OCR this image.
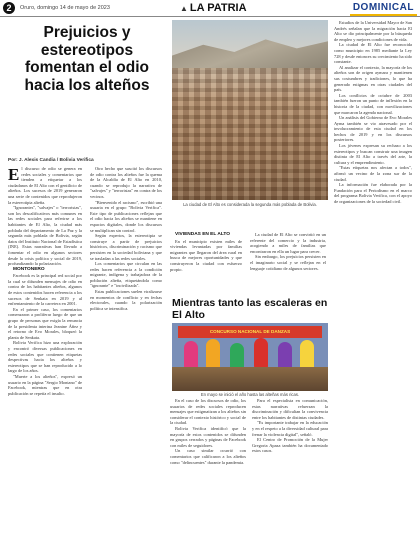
2	Oruro, domingo 14 de mayo de 2023	▲ LA PATRIA	DOMINICAL
Prejuicios y estereotipos fomentan el odio hacia los alteños
Por: J. Alexis Candia / Bolivia Verifica

El discurso de odio se genera en redes sociales y comentarios que tienden a etiquetar a los ciudadanos de El Alto con el gentilicio de alteños. Los sucesos de 2019 generaron una serie de contenidos que reprodujeron la estereotipia alteña.

"Ignorantes", "salvajes" o "terroristas", son los descalificativos más comunes en las redes sociales para referirse a los habitantes de El Alto, la ciudad más poblada del departamento de La Paz y la segunda más poblada de Bolivia, según datos del Instituto Nacional de Estadística (INE). Estas narrativas han llevado a fomentar el odio en algunos sectores desde la crisis política y social de 2019, profundizando la polarización.

MONTONERO

Facebook es la principal red social por la cual se difunden mensajes de odio en contra de los habitantes alteños, algunos de estos contenidos hacen referencia a los sucesos de Senkata en 2019 y al enfrentamiento de la carretera en 2001.

En el primer caso, los comentarios comenzaron a proliferar luego de que un grupo de personas que exigía la renuncia de la presidenta interina Jeanine Áñez y el retorno de Evo Morales, bloqueó la planta de Senkata.

Bolivia Verifica hizo una exploración y encontró diversas publicaciones en redes sociales que contienen etiquetas despectivas hacia los alteños y estereotipos que se han reproducido a lo largo de los años.

"Muerte a los alteños", expresó un usuario en la página "Sergio Montano" de Facebook, mientras que en otra publicación se repetía el insulto.

Otro hecho que suscitó los discursos de odio contra los alteños fue la quema de la Alcaldía de El Alto en 2010, cuando se reprodujo la narrativa de "salvajes" y "terroristas" en contra de los vecinos.

"Bienvenido el racismo", escribió una usuaria en el grupo "Bolivia Verifica". Este tipo de publicaciones reflejan que el odio hacia los alteños se mantiene en espacios digitales, donde los discursos se multiplican sin control.

Según expertos, la estereotipia se construye a partir de prejuicios históricos, discriminación y racismo que persisten en la sociedad boliviana y que se trasladan a las redes sociales.

Los comentarios que circulan en las redes hacen referencia a la condición migrante, indígena y trabajadora de la población alteña, etiquetándola como "ignorante" e "incivilizada".

Estas publicaciones suelen viralizarse en momentos de conflicto y en fechas electorales, cuando la polarización política se intensifica.

La ciudad de El Alto es considerada la segunda más poblada de Bolivia.

VIVIENDAS EN EL ALTO

En el municipio existen miles de viviendas levantadas por familias migrantes que llegaron del área rural en busca de mejores oportunidades y que construyeron la ciudad con esfuerzo propio.

La ciudad de El Alto se convirtió en un referente del comercio y la industria, acogiendo a miles de familias que encontraron en ella un lugar para crecer.

Sin embargo, los prejuicios persisten en el imaginario social y se reflejan en el lenguaje cotidiano de algunos sectores.

Mientras tanto las escaleras en El Alto
CONCURSO NACIONAL DE DANZAS
En mayo se inició el año hasta las alteñas más ricas.

En el caso de los discursos de odio, los usuarios de redes sociales reproducen mensajes que estigmatizan a los alteños sin considerar el contexto histórico y social de la ciudad.

Bolivia Verifica identificó que la mayoría de estos contenidos se difunden en grupos cerrados y páginas de Facebook con miles de seguidores.

Un caso similar ocurrió con comentarios que calificaron a los alteños como "delincuentes" durante la pandemia.

Para el especialista en comunicación, estas narrativas refuerzan la discriminación y dificultan la convivencia entre los habitantes de distintas ciudades.

"Es importante trabajar en la educación y en el respeto a la diversidad cultural para frenar la violencia digital", señaló.

El Centro de Promoción de la Mujer Gregoria Apaza también ha documentado estos casos.

Estudios de la Universidad Mayor de San Andrés señalan que la migración hacia El Alto se dio principalmente por la búsqueda de empleo y mejores condiciones de vida.

La ciudad de El Alto fue reconocida como municipio en 1985 mediante la Ley 728 y desde entonces su crecimiento ha sido constante.

Al analizar el contexto, la mayoría de los alteños son de origen aymara y mantienen sus costumbres y tradiciones, lo que ha generado estigmas en otras ciudades del país.

Los conflictos de octubre de 2003 también fueron un punto de inflexión en la historia de la ciudad, con movilizaciones que marcaron la agenda nacional.

Un análisis del Gobierno de Evo Morales Ayma también se vio atravesado por el involucramiento de esta ciudad en los hechos de 2019 y en los discursos posteriores.

Los jóvenes expresan su rechazo a los estereotipos y buscan construir una imagen distinta de El Alto a través del arte, la cultura y el emprendimiento.

"Estas etiquetas nos afectan a todos", afirmó un vecino de la zona sur de la ciudad.

La información fue elaborada por la Fundación para el Periodismo en el marco del programa Bolivia Verifica, con el apoyo de organizaciones de la sociedad civil.
